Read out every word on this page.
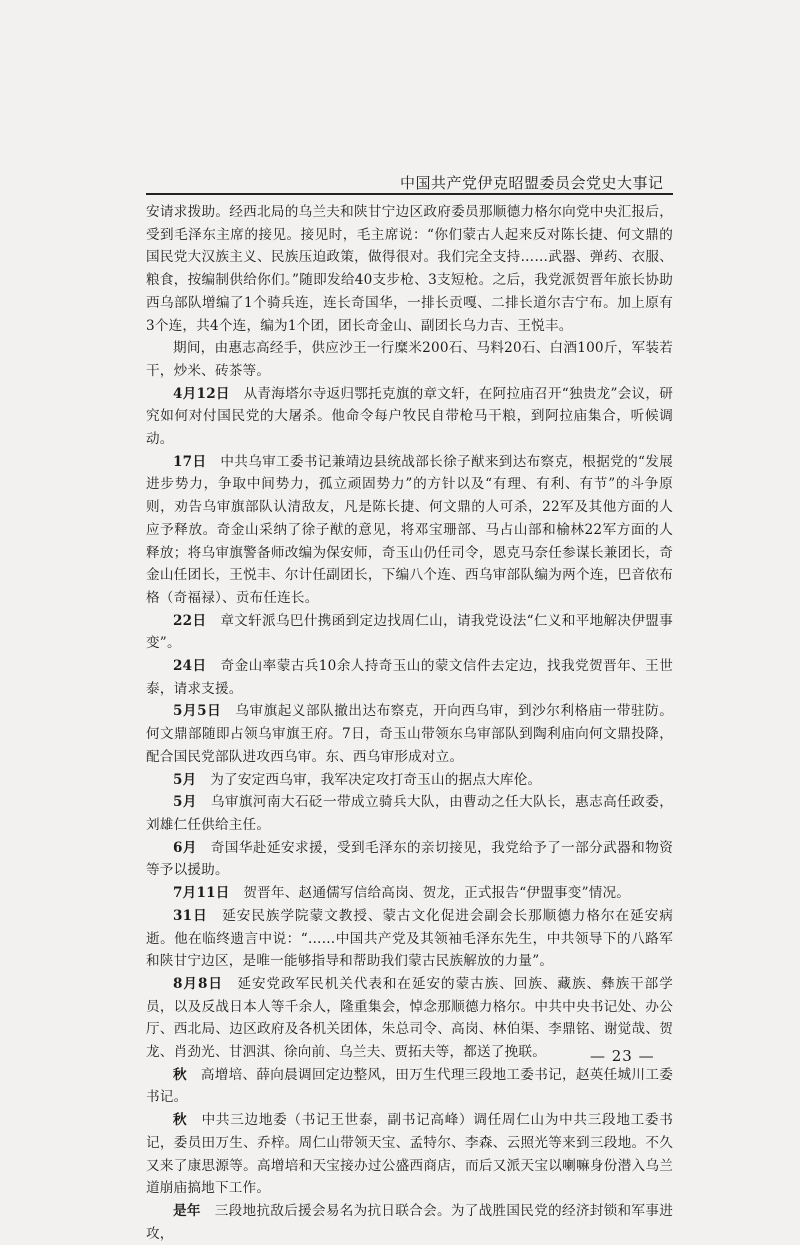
中国共产党伊克昭盟委员会党史大事记

安请求拨助。经西北局的乌兰夫和陕甘宁边区政府委员那顺德力格尔向党中央汇报后，受到毛泽东主席的接见。接见时，毛主席说：“你们蒙古人起来反对陈长捷、何文鼎的国民党大汉族主义、民族压迫政策，做得很对。我们完全支持……武器、弹药、衣服、粮食，按编制供给你们。”随即发给40支步枪、3支短枪。之后，我党派贺晋年旅长协助西乌部队增编了1个骑兵连，连长奇国华，一排长贡嘎、二排长道尔吉宁布。加上原有3个连，共4个连，编为1个团，团长奇金山、副团长乌力吉、王悦丰。

期间，由惠志高经手，供应沙王一行糜米200石、马料20石、白酒100斤，军装若干，炒米、砖茶等。

4月12日　 从青海塔尔寺返归鄂托克旗的章文轩，在阿拉庙召开“独贵龙”会议，研究如何对付国民党的大屠杀。他命令每户牧民自带枪马干粮，到阿拉庙集合，听候调动。

17日　 中共乌审工委书记兼靖边县统战部长徐子猷来到达布察克，根据党的“发展进步势力，争取中间势力，孤立顽固势力”的方针以及“有理、有利、有节”的斗争原则，劝告乌审旗部队认清敌友，凡是陈长捷、何文鼎的人可杀，22军及其他方面的人应予释放。奇金山采纳了徐子猷的意见，将邓宝珊部、马占山部和榆林22军方面的人释放；将乌审旗警备师改编为保安师，奇玉山仍任司令，恩克马奈任参谋长兼团长，奇金山任团长，王悦丰、尔计任副团长，下编八个连、西乌审部队编为两个连，巴音依布格（奇福禄）、贡布任连长。

22日　 章文轩派乌巴什携函到定边找周仁山，请我党设法“仁义和平地解决伊盟事变”。

24日　 奇金山率蒙古兵10余人持奇玉山的蒙文信件去定边，找我党贺晋年、王世泰，请求支援。

5月5日　 乌审旗起义部队撤出达布察克，开向西乌审，到沙尔利格庙一带驻防。何文鼎部随即占领乌审旗王府。7日，奇玉山带领东乌审部队到陶利庙向何文鼎投降，配合国民党部队进攻西乌审。东、西乌审形成对立。

5月　 为了安定西乌审，我军决定攻打奇玉山的据点大库伦。

5月　 乌审旗河南大石砭一带成立骑兵大队，由曹动之任大队长，惠志高任政委，刘雄仁任供给主任。

6月　 奇国华赴延安求援，受到毛泽东的亲切接见，我党给予了一部分武器和物资等予以援助。

7月11日　 贺晋年、赵通儒写信给高岗、贺龙，正式报告“伊盟事变”情况。

31日　 延安民族学院蒙文教授、蒙古文化促进会副会长那顺德力格尔在延安病逝。他在临终遗言中说：“……中国共产党及其领袖毛泽东先生，中共领导下的八路军和陕甘宁边区，是唯一能够指导和帮助我们蒙古民族解放的力量”。

8月8日　 延安党政军民机关代表和在延安的蒙古族、回族、藏族、彝族干部学员，以及反战日本人等千余人，隆重集会，悼念那顺德力格尔。中共中央书记处、办公厅、西北局、边区政府及各机关团体，朱总司令、高岗、林伯渠、李鼎铭、谢觉哉、贺龙、肖劲光、甘泗淇、徐向前、乌兰夫、贾拓夫等，都送了挽联。

秋　 高增培、薛向晨调回定边整风，田万生代理三段地工委书记，赵英任城川工委书记。

秋　 中共三边地委（书记王世泰，副书记高峰）调任周仁山为中共三段地工委书记，委员田万生、乔梓。周仁山带领天宝、孟特尔、李森、云照光等来到三段地。不久又来了康思源等。高增培和天宝接办过公盛西商店，而后又派天宝以喇嘛身份潜入乌兰道崩庙搞地下工作。

是年　 三段地抗敌后援会易名为抗日联合会。为了战胜国民党的经济封锁和军事进攻，

— 23 —
